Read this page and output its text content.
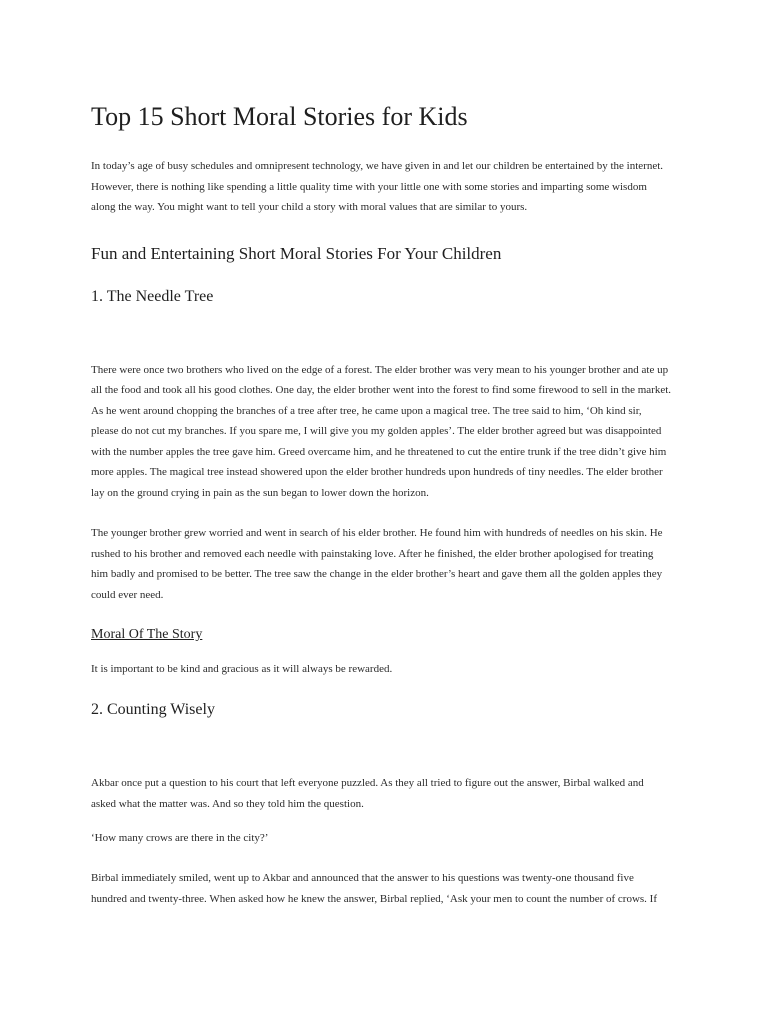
Top 15 Short Moral Stories for Kids

In today’s age of busy schedules and omnipresent technology, we have given in and let our children be entertained by the internet. However, there is nothing like spending a little quality time with your little one with some stories and imparting some wisdom along the way. You might want to tell your child a story with moral values that are similar to yours.

Fun and Entertaining Short Moral Stories For Your Children
1. The Needle Tree

There were once two brothers who lived on the edge of a forest. The elder brother was very mean to his younger brother and ate up all the food and took all his good clothes. One day, the elder brother went into the forest to find some firewood to sell in the market. As he went around chopping the branches of a tree after tree, he came upon a magical tree. The tree said to him, ‘Oh kind sir, please do not cut my branches. If you spare me, I will give you my golden apples’. The elder brother agreed but was disappointed with the number apples the tree gave him. Greed overcame him, and he threatened to cut the entire trunk if the tree didn’t give him more apples. The magical tree instead showered upon the elder brother hundreds upon hundreds of tiny needles. The elder brother lay on the ground crying in pain as the sun began to lower down the horizon.

The younger brother grew worried and went in search of his elder brother. He found him with hundreds of needles on his skin. He rushed to his brother and removed each needle with painstaking love. After he finished, the elder brother apologised for treating him badly and promised to be better. The tree saw the change in the elder brother’s heart and gave them all the golden apples they could ever need.

Moral Of The Story

It is important to be kind and gracious as it will always be rewarded.

2. Counting Wisely

Akbar once put a question to his court that left everyone puzzled. As they all tried to figure out the answer, Birbal walked and asked what the matter was. And so they told him the question.

‘How many crows are there in the city?’

Birbal immediately smiled, went up to Akbar and announced that the answer to his questions was twenty-one thousand five hundred and twenty-three. When asked how he knew the answer, Birbal replied, ‘Ask your men to count the number of crows. If
